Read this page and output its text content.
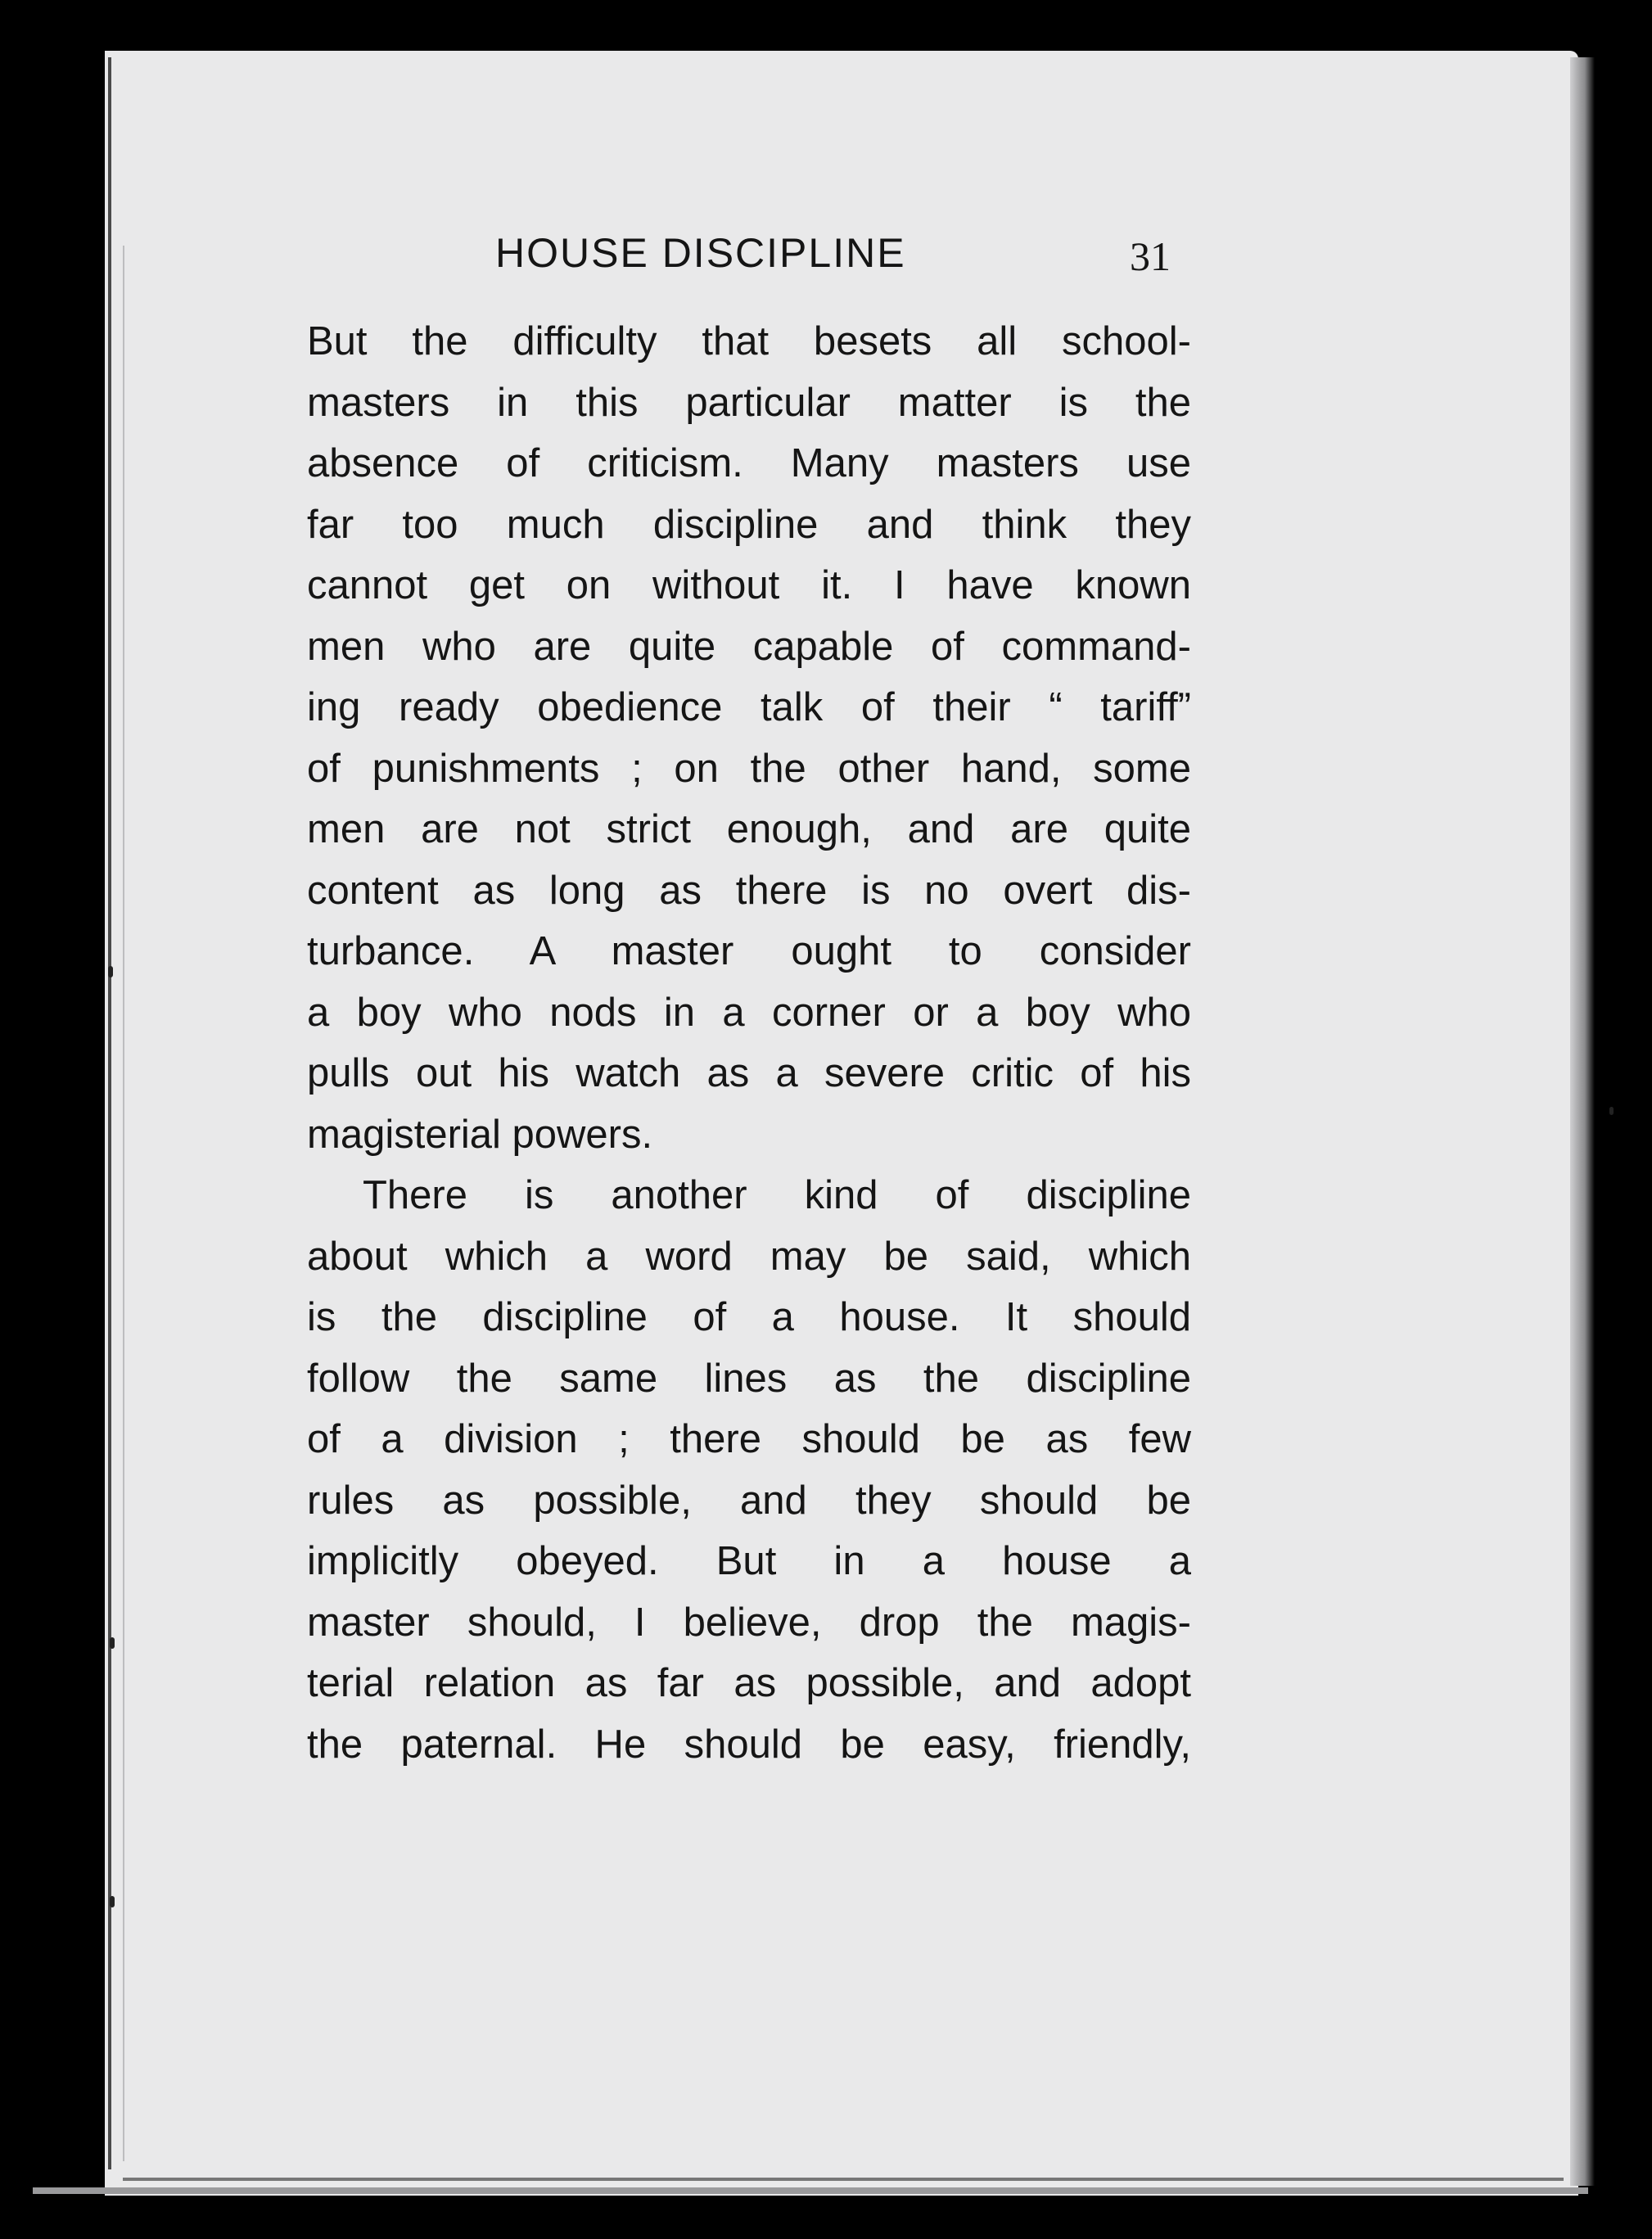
HOUSE DISCIPLINE	31
But the difficulty that besets all school-
masters in this particular matter is the
absence of criticism. Many masters use
far too much discipline and think they
cannot get on without it. I have known
men who are quite capable of command-
ing ready obedience talk of their “ tariff”
of punishments ; on the other hand, some
men are not strict enough, and are quite
content as long as there is no overt dis-
turbance. A master ought to consider
a boy who nods in a corner or a boy who
pulls out his watch as a severe critic of his
magisterial powers.
There is another kind of discipline
about which a word may be said, which
is the discipline of a house. It should
follow the same lines as the discipline
of a division ; there should be as few
rules as possible, and they should be
implicitly obeyed. But in a house a
master should, I believe, drop the magis-
terial relation as far as possible, and adopt
the paternal. He should be easy, friendly,
